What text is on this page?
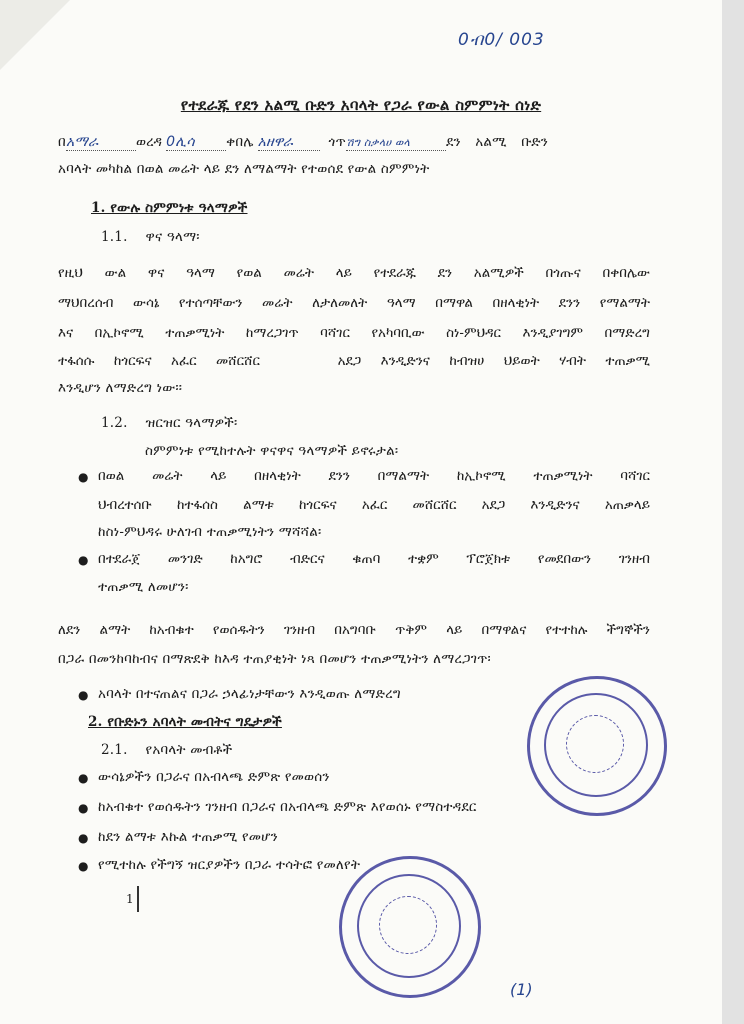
0ብ0/ 003
የተደራጁ የደን አልሚ ቡድን አባላት የጋራ የውል ስምምነት ሰነድ
በአማራ	ወረዳ 0ሊሳ ቀበሌ አዘዋራ	ጎጥሽግ ስቃላሀ ወላ	ደን አልሚ ቡድን
አባላት መካከል በወል መሬት ላይ ደን ለማልማት የተወሰደ የውል ስምምነት
1. የውሉ ስምምነቱ ዓላማዎች
1.1.    ዋና ዓላማ፡
የዚህ ውል ዋና ዓላማ የወል መሬት ላይ የተደራጁ ደን አልሚዎች በጎጡና በቀበሌው
ማህበረሰብ ውሳኔ የተሰጣቸውን መሬት ለታለመለት ዓላማ በማዋል በዘላቂነት ደንን የማልማት
እና በኢኮኖሚ ተጠቃሚነት ከማረጋገጥ ባሻገር የአካባቢው ስነ-ምህዳር እንዲያገግም በማድረግ
ተፋሰሱ ከጎርፍና አፈር መሸርሸር    አደጋ እንዲድንና ከብዝሀ ህይወት ሃብት ተጠቃሚ
እንዲሆን ለማድረግ ነው፡፡
1.2.    ዝርዝር ዓላማዎች፡
ስምምነቱ የሚከተሉት ዋናዋና ዓላማዎች ይኖሩታል፡
● በወል መሬት ላይ በዘላቂነት ደንን በማልማት ከኢኮኖሚ ተጠቃሚነት ባሻገር
ህብረተሰቡ ከተፋሰስ ልማቱ ከጎርፍና አፈር መሸርሸር አደጋ እንዲድንና አጠቃላይ
ከስነ-ምህዳሩ ሁለገብ ተጠቃሚነትን ማሻሻል፡
● በተደራጀ መንገድ ከአግሮ ብድርና ቁጠባ ተቋም ፕሮጀክቱ የመደበውን ገንዘብ
ተጠቃሚ ለመሆን፡
ለደን ልማት ከአብቁተ የወሰዱትን ገንዘብ በአግባቡ ጥቅም ላይ በማዋልና የተተከሉ ችግኞችን
በጋራ በመንከባከብና በማጽደቅ ከእዳ ተጠያቂነት ነጻ በመሆን ተጠቃሚነትን ለማረጋገጥ፡
● አባላት በተናጠልና በጋራ ኃላፊነታቸውን እንዲወጡ ለማድረግ
2. የቡድኑን አባላት መብትና ግዴታዎች
2.1.    የአባላት መብቶች
● ውሳኔዎችን በጋራና በአብላጫ ድምጽ የመወሰን
● ከአብቁተ የወሰዱትን ገንዘብ በጋራና በአብላጫ ድምጽ እየወሰኑ የማስተዳደር
● ከደን ልማቱ እኩል ተጠቃሚ የመሆን
● የሚተከሉ የችግኝ ዝርያዎችን በጋራ ተሳትፎ የመለየት
1
(1)
